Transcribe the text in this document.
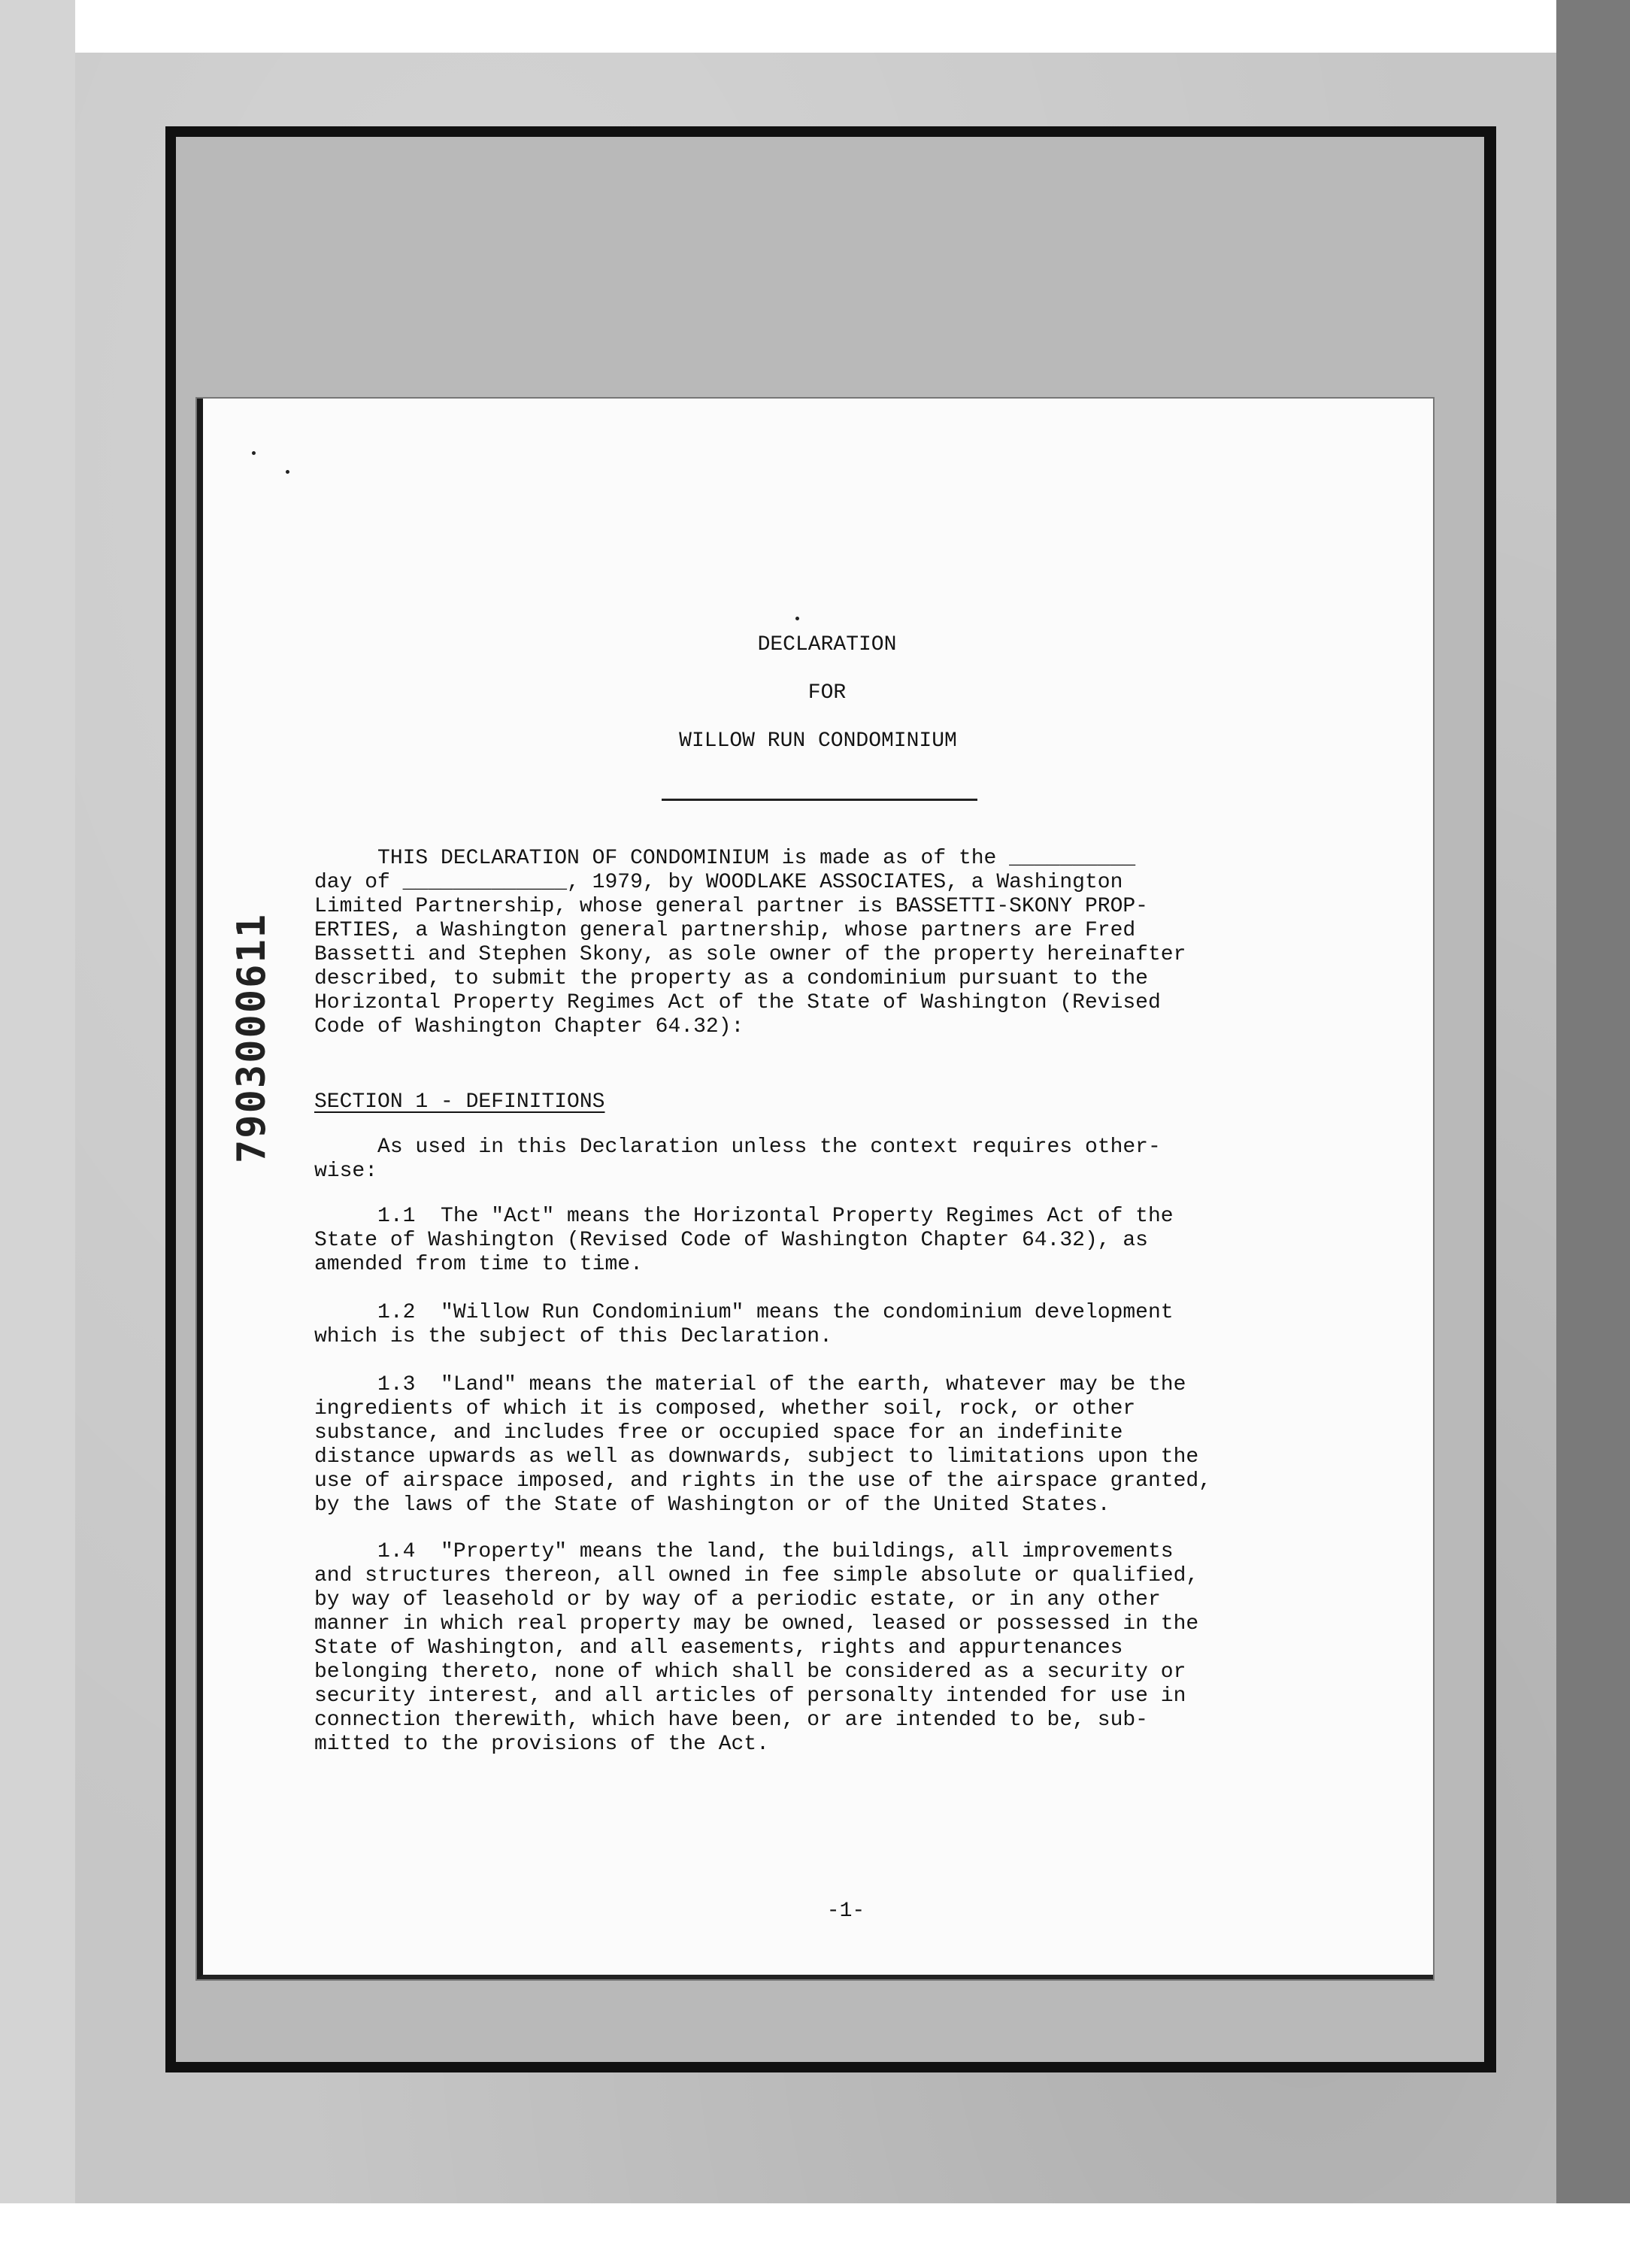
7903000611
DECLARATION
FOR
WILLOW RUN CONDOMINIUM
THIS DECLARATION OF CONDOMINIUM is made as of the __________
day of _____________, 1979, by WOODLAKE ASSOCIATES, a Washington
Limited Partnership, whose general partner is BASSETTI-SKONY PROP-
ERTIES, a Washington general partnership, whose partners are Fred
Bassetti and Stephen Skony, as sole owner of the property hereinafter
described, to submit the property as a condominium pursuant to the
Horizontal Property Regimes Act of the State of Washington (Revised
Code of Washington Chapter 64.32):
SECTION 1 - DEFINITIONS
As used in this Declaration unless the context requires other-
wise:
1.1  The "Act" means the Horizontal Property Regimes Act of the
State of Washington (Revised Code of Washington Chapter 64.32), as
amended from time to time.
1.2  "Willow Run Condominium" means the condominium development
which is the subject of this Declaration.
1.3  "Land" means the material of the earth, whatever may be the
ingredients of which it is composed, whether soil, rock, or other
substance, and includes free or occupied space for an indefinite
distance upwards as well as downwards, subject to limitations upon the
use of airspace imposed, and rights in the use of the airspace granted,
by the laws of the State of Washington or of the United States.
1.4  "Property" means the land, the buildings, all improvements
and structures thereon, all owned in fee simple absolute or qualified,
by way of leasehold or by way of a periodic estate, or in any other
manner in which real property may be owned, leased or possessed in the
State of Washington, and all easements, rights and appurtenances
belonging thereto, none of which shall be considered as a security or
security interest, and all articles of personalty intended for use in
connection therewith, which have been, or are intended to be, sub-
mitted to the provisions of the Act.
-1-
